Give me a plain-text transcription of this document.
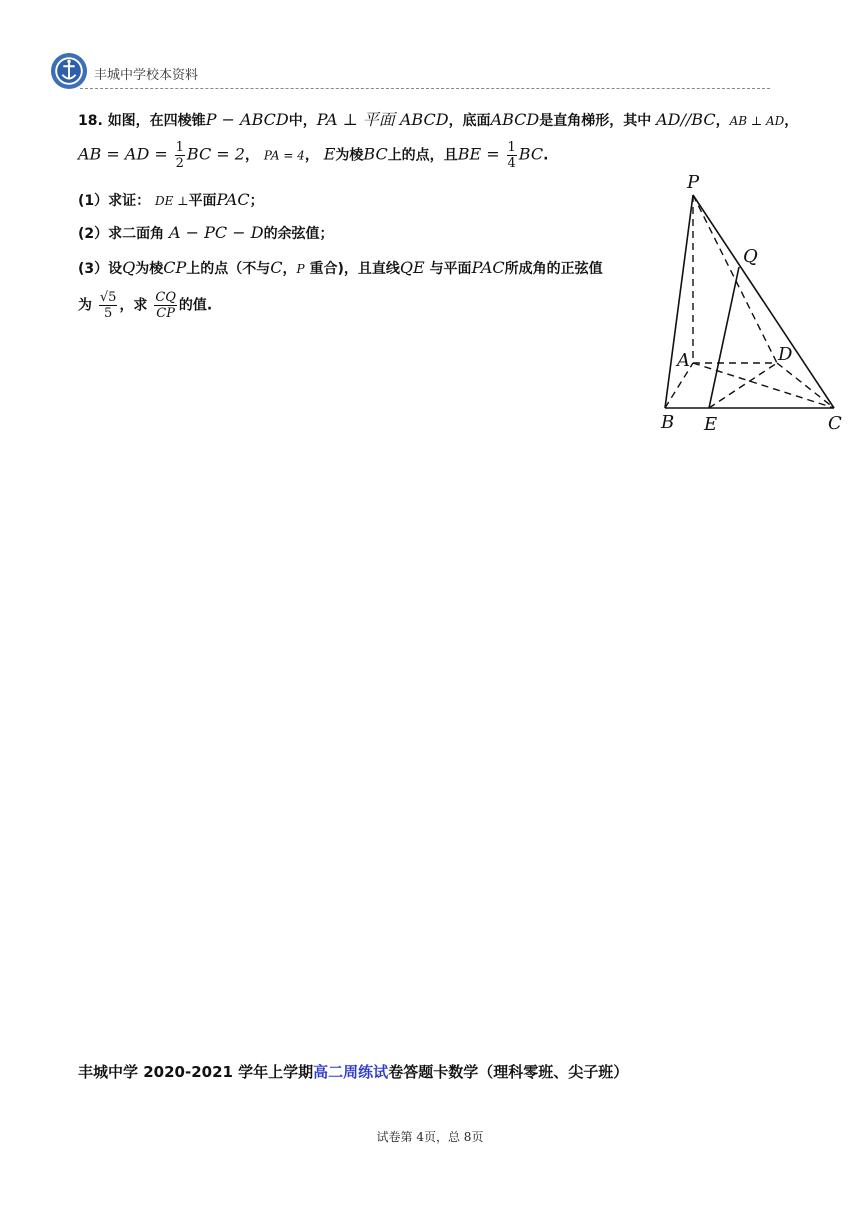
丰城中学校本资料
18. 如图，在四棱锥P − ABCD中，PA ⊥ 平面 ABCD，底面ABCD是直角梯形，其中 AD//BC，AB ⊥ AD，
AB = AD = $\frac{1}{2}$ BC = 2， PA = 4， E为棱BC上的点，且BE = $\frac{1}{4}$ BC.
(1）求证： DE ⊥平面PAC；
(2）求二面角 A − PC − D的余弦值；
(3）设Q为棱CP上的点（不与C，P 重合)，且直线QE 与平面PAC所成角的正弦值
为 $\frac{√5}{5}$ ，求 $\frac{CQ}{CP}$ 的值.
P
Q
A	D
B E	C
丰城中学 2020-2021 学年上学期高二周练试卷答题卡数学（理科零班、尖子班）
试卷第 4页，总 8页
